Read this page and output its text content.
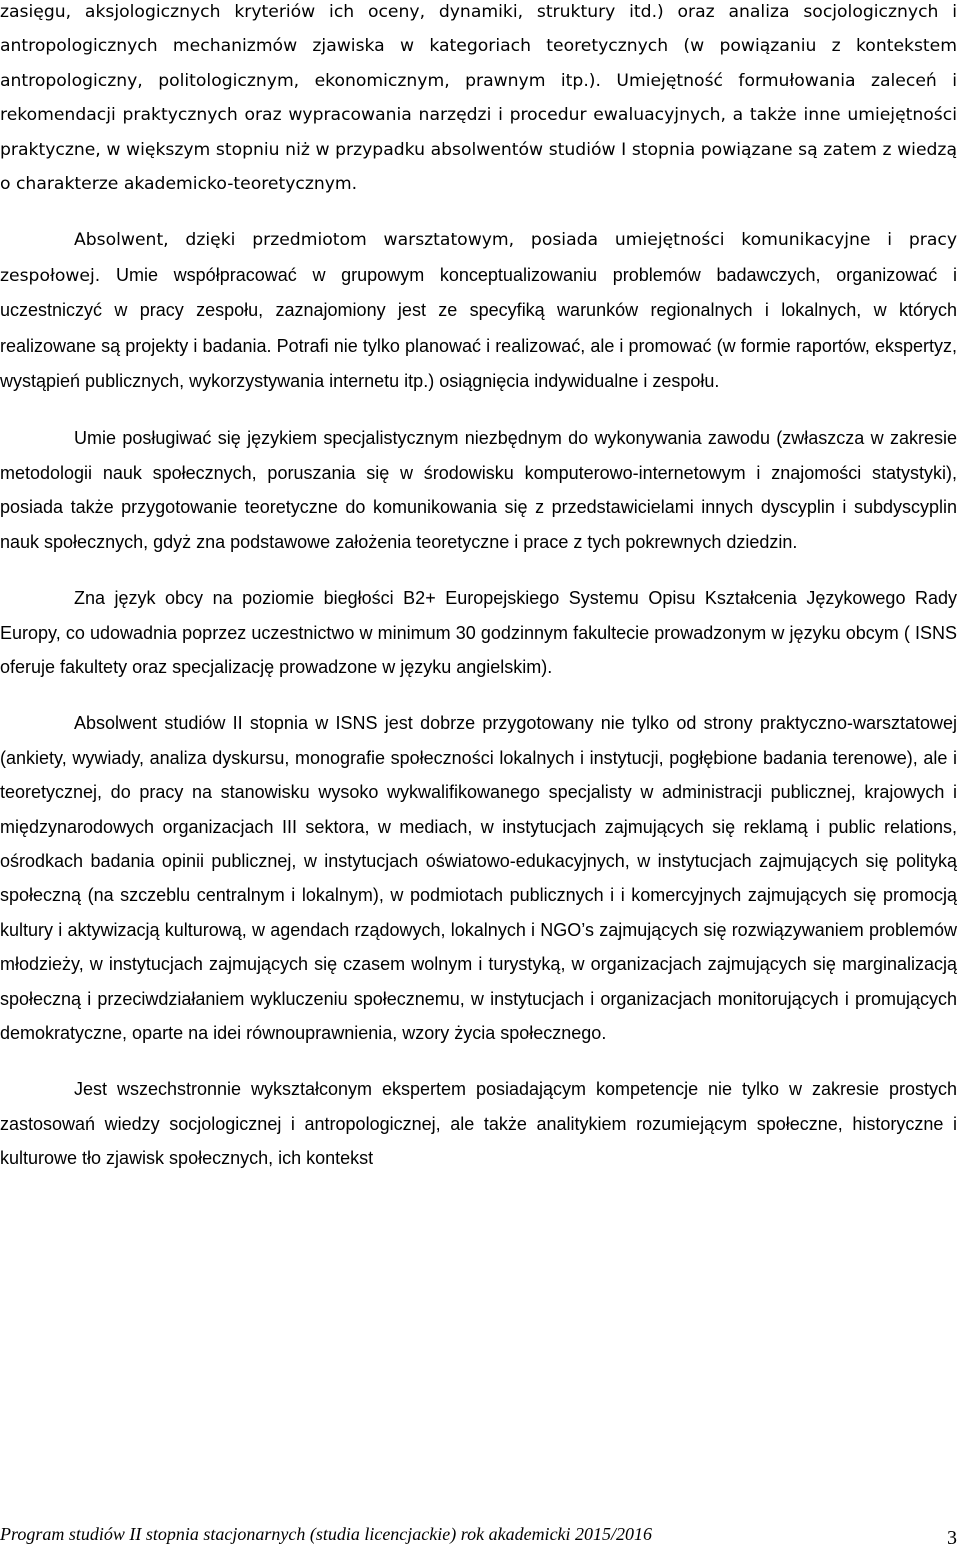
zasięgu, aksjologicznych kryteriów ich oceny, dynamiki, struktury itd.) oraz analiza socjologicznych i antropologicznych mechanizmów zjawiska w kategoriach teoretycznych (w powiązaniu z kontekstem antropologiczny, politologicznym, ekonomicznym, prawnym itp.). Umiejętność formułowania zaleceń i rekomendacji praktycznych oraz wypracowania narzędzi i procedur ewaluacyjnych, a także inne umiejętności praktyczne, w większym stopniu niż w przypadku absolwentów studiów I stopnia powiązane są zatem z wiedzą o charakterze akademicko-teoretycznym.

Absolwent, dzięki przedmiotom warsztatowym, posiada umiejętności komunikacyjne i pracy zespołowej. Umie współpracować w grupowym konceptualizowaniu problemów badawczych, organizować i uczestniczyć w pracy zespołu, zaznajomiony jest ze specyfiką warunków regionalnych i lokalnych, w których realizowane są projekty i badania. Potrafi nie tylko planować i realizować, ale i promować (w formie raportów, ekspertyz, wystąpień publicznych, wykorzystywania internetu itp.) osiągnięcia indywidualne i zespołu.

Umie posługiwać się językiem specjalistycznym niezbędnym do wykonywania zawodu (zwłaszcza w zakresie metodologii nauk społecznych, poruszania się w środowisku komputerowo-internetowym i znajomości statystyki), posiada także przygotowanie teoretyczne do komunikowania się z przedstawicielami innych dyscyplin i subdyscyplin nauk społecznych, gdyż zna podstawowe założenia teoretyczne i prace z tych pokrewnych dziedzin.

Zna język obcy na poziomie biegłości B2+ Europejskiego Systemu Opisu Kształcenia Językowego Rady Europy, co udowadnia poprzez uczestnictwo w minimum 30 godzinnym fakultecie prowadzonym w języku obcym ( ISNS oferuje fakultety oraz specjalizację prowadzone w języku angielskim).

Absolwent studiów II stopnia w ISNS jest dobrze przygotowany nie tylko od strony praktyczno-warsztatowej (ankiety, wywiady, analiza dyskursu, monografie społeczności lokalnych i instytucji, pogłębione badania terenowe), ale i teoretycznej, do pracy na stanowisku wysoko wykwalifikowanego specjalisty w administracji publicznej, krajowych i międzynarodowych organizacjach III sektora, w mediach, w instytucjach zajmujących się reklamą i public relations, ośrodkach badania opinii publicznej, w instytucjach oświatowo-edukacyjnych, w instytucjach zajmujących się polityką społeczną (na szczeblu centralnym i lokalnym), w podmiotach publicznych i i komercyjnych zajmujących się promocją kultury i aktywizacją kulturową, w agendach rządowych, lokalnych i NGO’s zajmujących się rozwiązywaniem problemów młodzieży, w instytucjach zajmujących się czasem wolnym i turystyką, w organizacjach zajmujących się marginalizacją społeczną i przeciwdziałaniem wykluczeniu społecznemu, w instytucjach i organizacjach monitorujących i promujących demokratyczne, oparte na idei równouprawnienia, wzory życia społecznego.

Jest wszechstronnie wykształconym ekspertem posiadającym kompetencje nie tylko w zakresie prostych zastosowań wiedzy socjologicznej i antropologicznej, ale także analitykiem rozumiejącym społeczne, historyczne i kulturowe tło zjawisk społecznych, ich kontekst

Program studiów II stopnia stacjonarnych (studia licencjackie) rok akademicki 2015/2016	3
